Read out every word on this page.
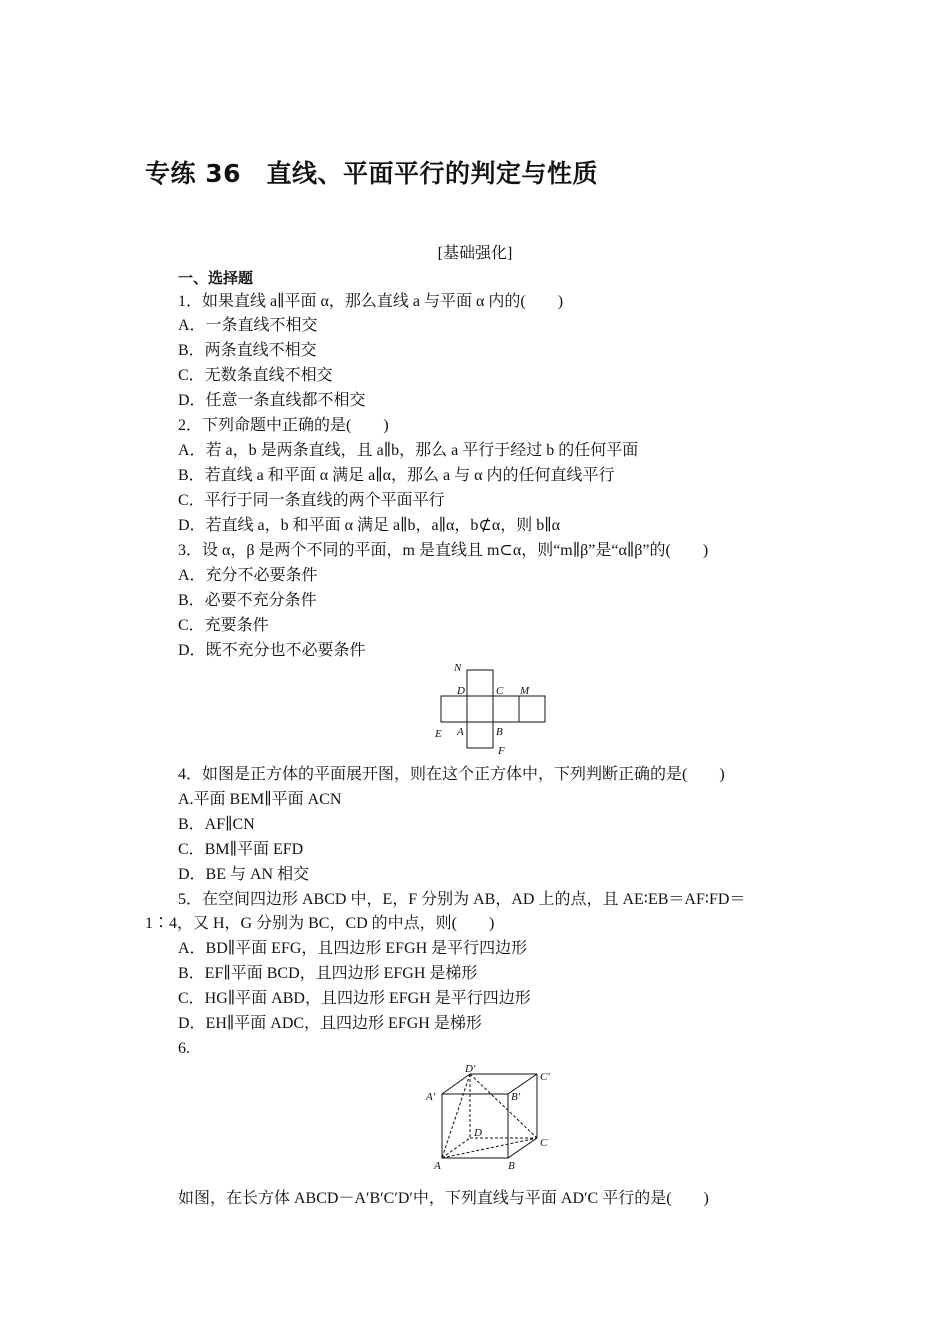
专练 36　直线、平面平行的判定与性质
[基础强化]
一、选择题
1．如果直线 a∥平面 α，那么直线 a 与平面 α 内的(　　)
A．一条直线不相交
B．两条直线不相交
C．无数条直线不相交
D．任意一条直线都不相交
2．下列命题中正确的是(　　)
A．若 a，b 是两条直线，且 a∥b，那么 a 平行于经过 b 的任何平面
B．若直线 a 和平面 α 满足 a∥α，那么 a 与 α 内的任何直线平行
C．平行于同一条直线的两个平面平行
D．若直线 a，b 和平面 α 满足 a∥b，a∥α，b⊄α，则 b∥α
3．设 α，β 是两个不同的平面，m 是直线且 m⊂α，则“m∥β”是“α∥β”的(　　)
A．充分不必要条件
B．必要不充分条件
C．充要条件
D．既不充分也不必要条件
N
D	C M
E A	B
F
4．如图是正方体的平面展开图，则在这个正方体中，下列判断正确的是(　　)
A.平面 BEM∥平面 ACN
B．AF∥CN
C．BM∥平面 EFD
D．BE 与 AN 相交
5．在空间四边形 ABCD 中，E，F 分别为 AB，AD 上的点，且 AE∶EB＝AF∶FD＝
1∶4，又 H，G 分别为 BC，CD 的中点，则(　　)
A．BD∥平面 EFG，且四边形 EFGH 是平行四边形
B．EF∥平面 BCD，且四边形 EFGH 是梯形
C．HG∥平面 ABD，且四边形 EFGH 是平行四边形
D．EH∥平面 ADC，且四边形 EFGH 是梯形
6.
D′
C′
A′	B′
D
C
A	B
如图，在长方体 ABCD－A′B′C′D′中，下列直线与平面 AD′C 平行的是(　　)
